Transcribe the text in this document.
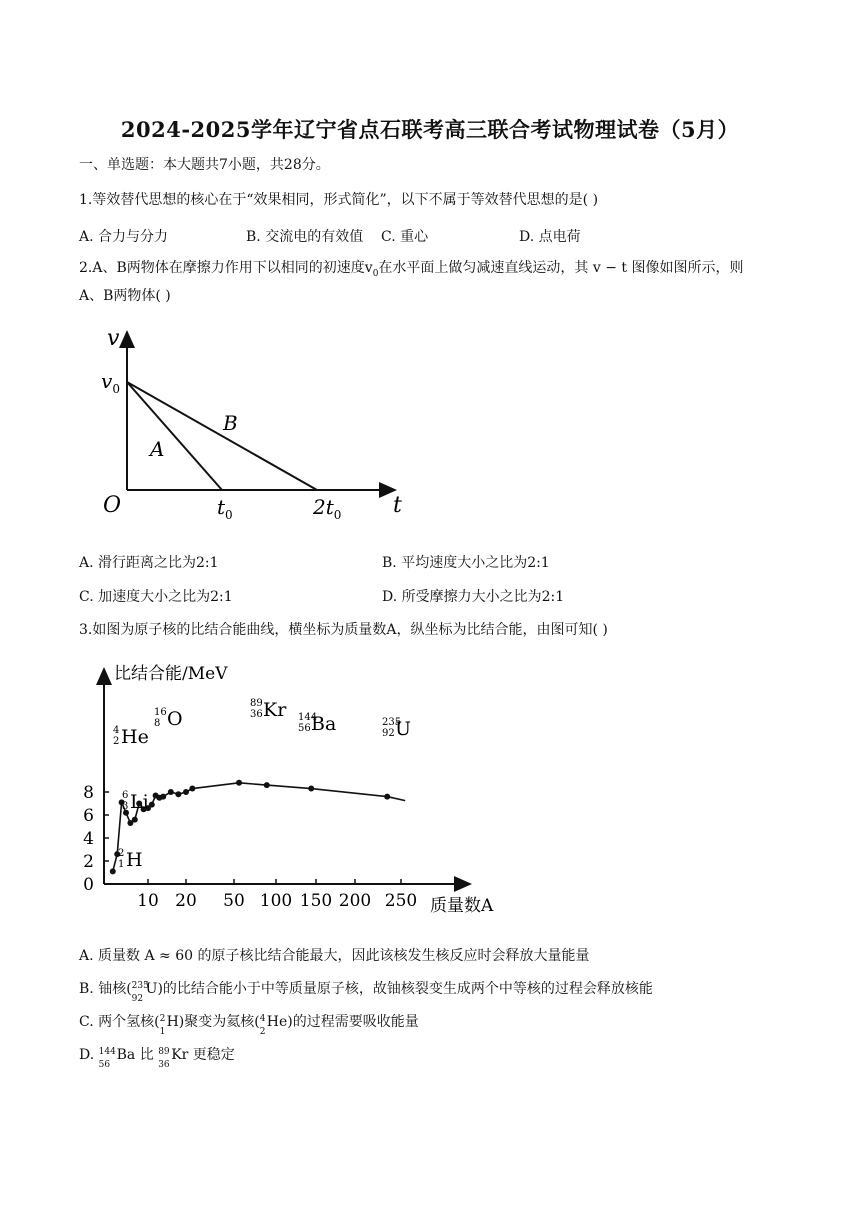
2024-2025学年辽宁省点石联考高三联合考试物理试卷（5月）
一、单选题：本大题共7小题，共28分。
1.等效替代思想的核心在于“效果相同，形式简化”，以下不属于等效替代思想的是( )
A. 合力与分力	B. 交流电的有效值 C. 重心	D. 点电荷
2.A、B两物体在摩擦力作用下以相同的初速度$v_0$在水平面上做匀减速直线运动，其 v − t 图像如图所示，则
A、B两物体( )
v
t
O
$v_0$
$t_0$	$2t_0$
A
B
A. 滑行距离之比为2:1	B. 平均速度大小之比为2:1
C. 加速度大小之比为2:1	D. 所受摩擦力大小之比为2:1
3.如图为原子核的比结合能曲线，横坐标为质量数A，纵坐标为比结合能，由图可知( )
比结合能/MeV
质量数A
10 20 50 100 150 200 250
0
2
4
6
8
4
2 He
16
8 O
89
36 Kr 144
56 Ba	235
92 U
6
3 Li
2
1 H
A. 质量数 A ≈ 60 的原子核比结合能最大，因此该核发生核反应时会释放大量能量
B. 铀核( 235
92
U)的比结合能小于中等质量原子核，故铀核裂变生成两个中等核的过程会释放核能
C. 两个氢核( 2
1
H)聚变为氦核( 4
2
He)的过程需要吸收能量
D. 144
56
Ba 比 89
36
Kr 更稳定
